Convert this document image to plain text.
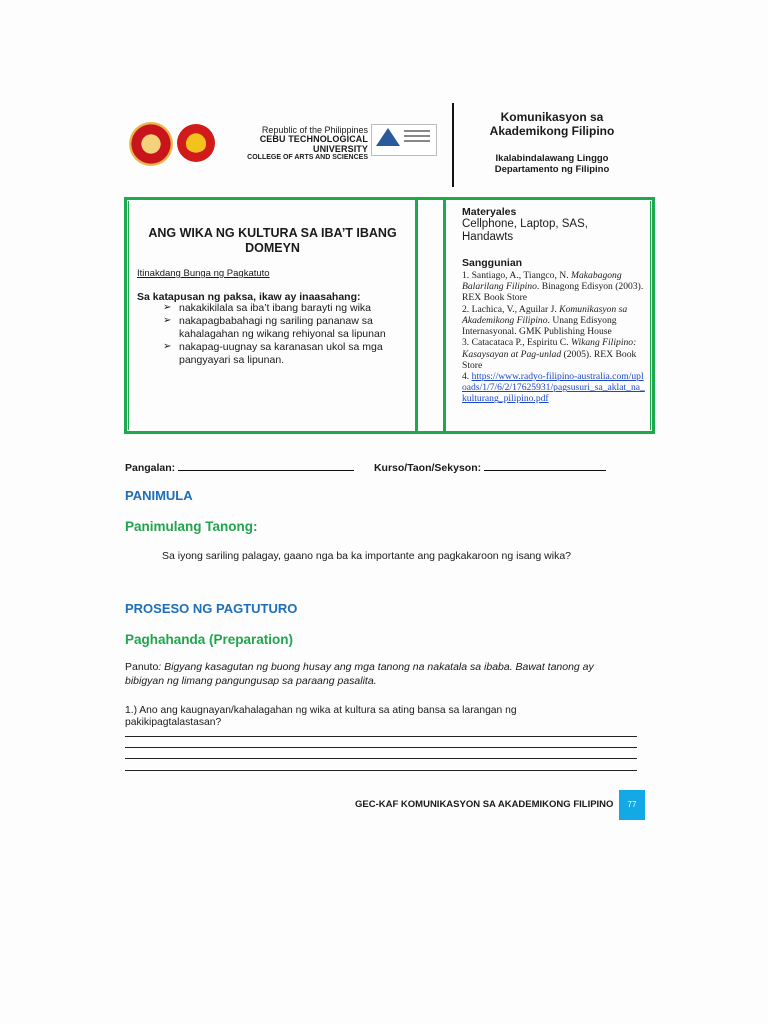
Republic of the Philippines
CEBU TECHNOLOGICAL UNIVERSITY
COLLEGE OF ARTS AND SCIENCES
Komunikasyon sa
Akademikong Filipino
Ikalabindalawang Linggo
Departamento ng Filipino
ANG WIKA NG KULTURA SA IBA’T IBANG DOMEYN
Itinakdang Bunga ng Pagkatuto
Sa katapusan ng paksa, ikaw ay inaasahang:
➢ nakakikilala sa iba’t ibang barayti ng wika
➢ nakapagbabahagi ng sariling pananaw sa kahalagahan ng wikang rehiyonal sa lipunan
➢ nakapag-uugnay sa karanasan ukol sa mga pangyayari sa lipunan.
Materyales
Cellphone, Laptop, SAS, Handawts
Sanggunian
1. Santiago, A., Tiangco, N. Makabagong Balarilang Filipino. Binagong Edisyon (2003). REX Book Store
2. Lachica, V., Aguilar J. Komunikasyon sa Akademikong Filipino. Unang Edisyong Internasyonal. GMK Publishing House
3. Catacataca P., Espiritu C. Wikang Filipino: Kasaysayan at Pag-unlad (2005). REX Book Store
4. https://www.radyo-filipino-australia.com/uploads/1/7/6/2/17625931/pagsusuri_sa_aklat_na_kulturang_pilipino.pdf
Pangalan:	Kurso/Taon/Sekyson:
PANIMULA
Panimulang Tanong:
Sa iyong sariling palagay, gaano nga ba ka importante ang pagkakaroon ng isang wika?
PROSESO NG PAGTUTURO
Paghahanda (Preparation)
Panuto: Bigyang kasagutan ng buong husay ang mga tanong na nakatala sa ibaba. Bawat tanong ay bibigyan ng limang pangungusap sa paraang pasalita.
1.) Ano ang kaugnayan/kahalagahan ng wika at kultura sa ating bansa sa larangan ng pakikipagtalastasan?
GEC-KAF KOMUNIKASYON SA AKADEMIKONG FILIPINO	77
